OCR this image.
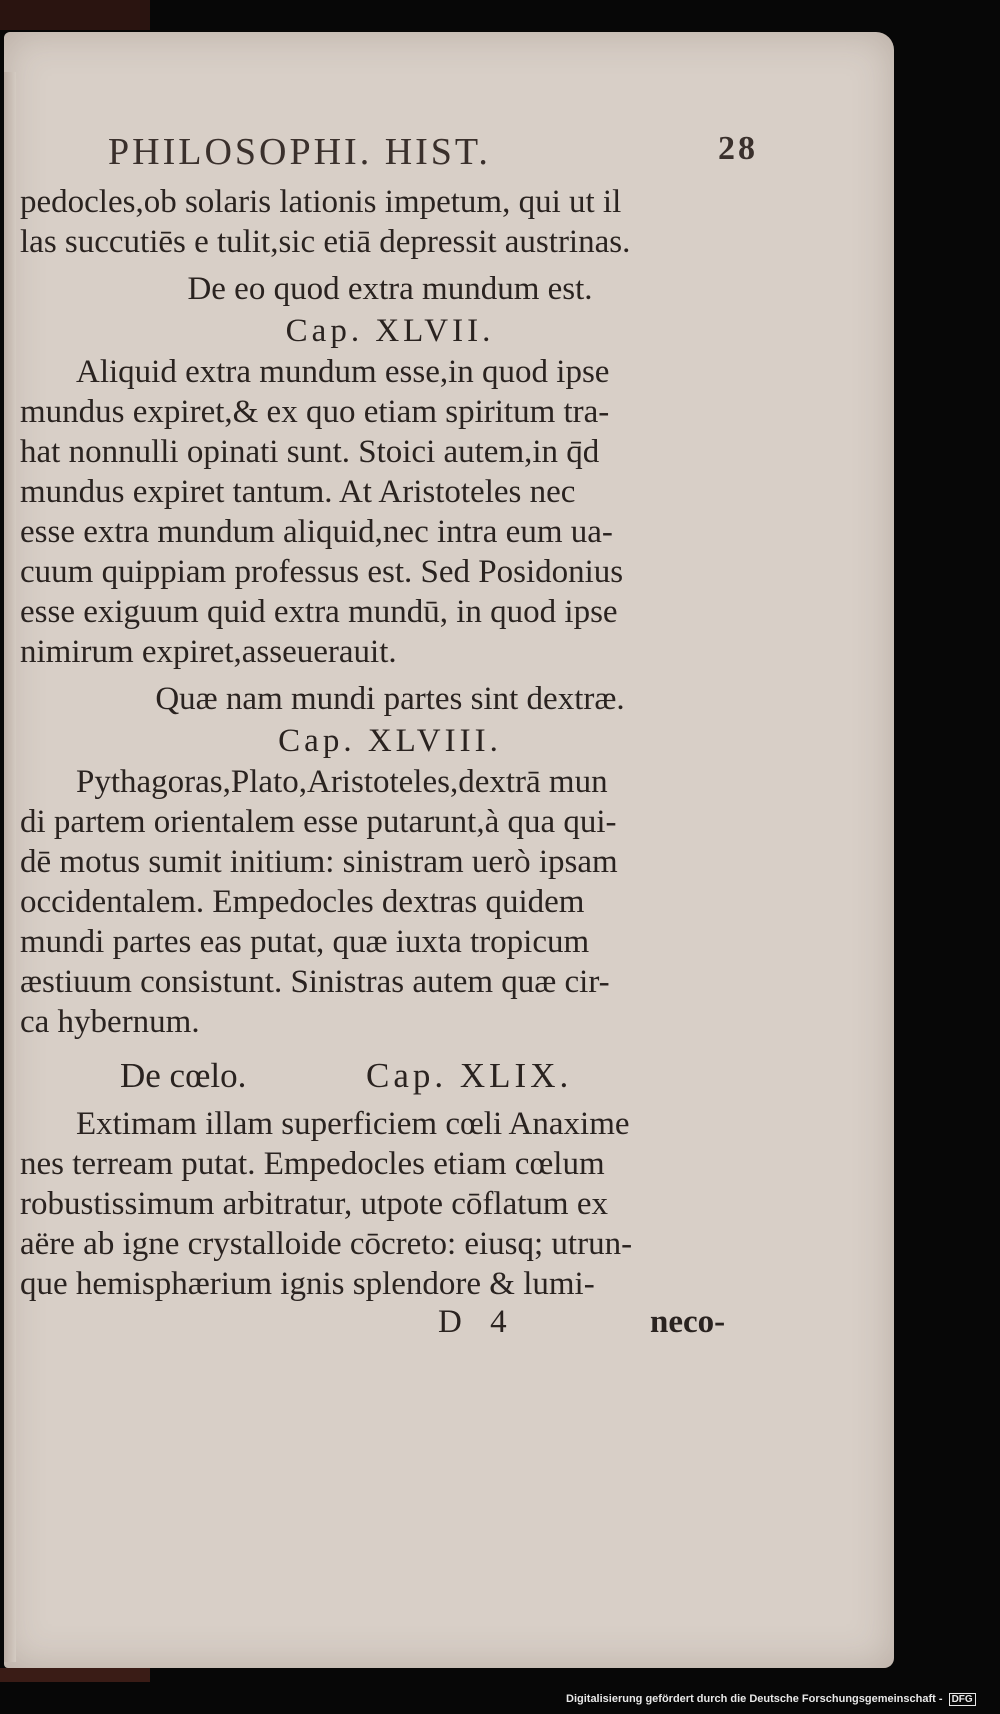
PHILOSOPHI. HIST.	28
pedocles,ob solaris lationis impetum, qui ut il
las succutiēs e tulit,sic etiā depressit austrinas.
De eo quod extra mundum est.
Cap. XLVII.
Aliquid extra mundum esse,in quod ipse
mundus expiret,& ex quo etiam spiritum tra-
hat nonnulli opinati sunt. Stoici autem,in q̄d
mundus expiret tantum. At Aristoteles nec
esse extra mundum aliquid,nec intra eum ua-
cuum quippiam professus est. Sed Posidonius
esse exiguum quid extra mundū, in quod ipse
nimirum expiret,asseuerauit.
Quæ nam mundi partes sint dextræ.
Cap. XLVIII.
Pythagoras,Plato,Aristoteles,dextrā mun
di partem orientalem esse putarunt,à qua qui-
dē motus sumit initium: sinistram uerò ipsam
occidentalem. Empedocles dextras quidem
mundi partes eas putat, quæ iuxta tropicum
æstiuum consistunt. Sinistras autem quæ cir-
ca hybernum.
De cœlo.	Cap. XLIX.
Extimam illam superficiem cœli Anaxime
nes terream putat. Empedocles etiam cœlum
robustissimum arbitratur, utpote cōflatum ex
aëre ab igne crystalloide cōcreto: eiusq; utrun-
que hemisphærium ignis splendore & lumi-
D 4	neco-
Digitalisierung gefördert durch die Deutsche Forschungsgemeinschaft - DFG
